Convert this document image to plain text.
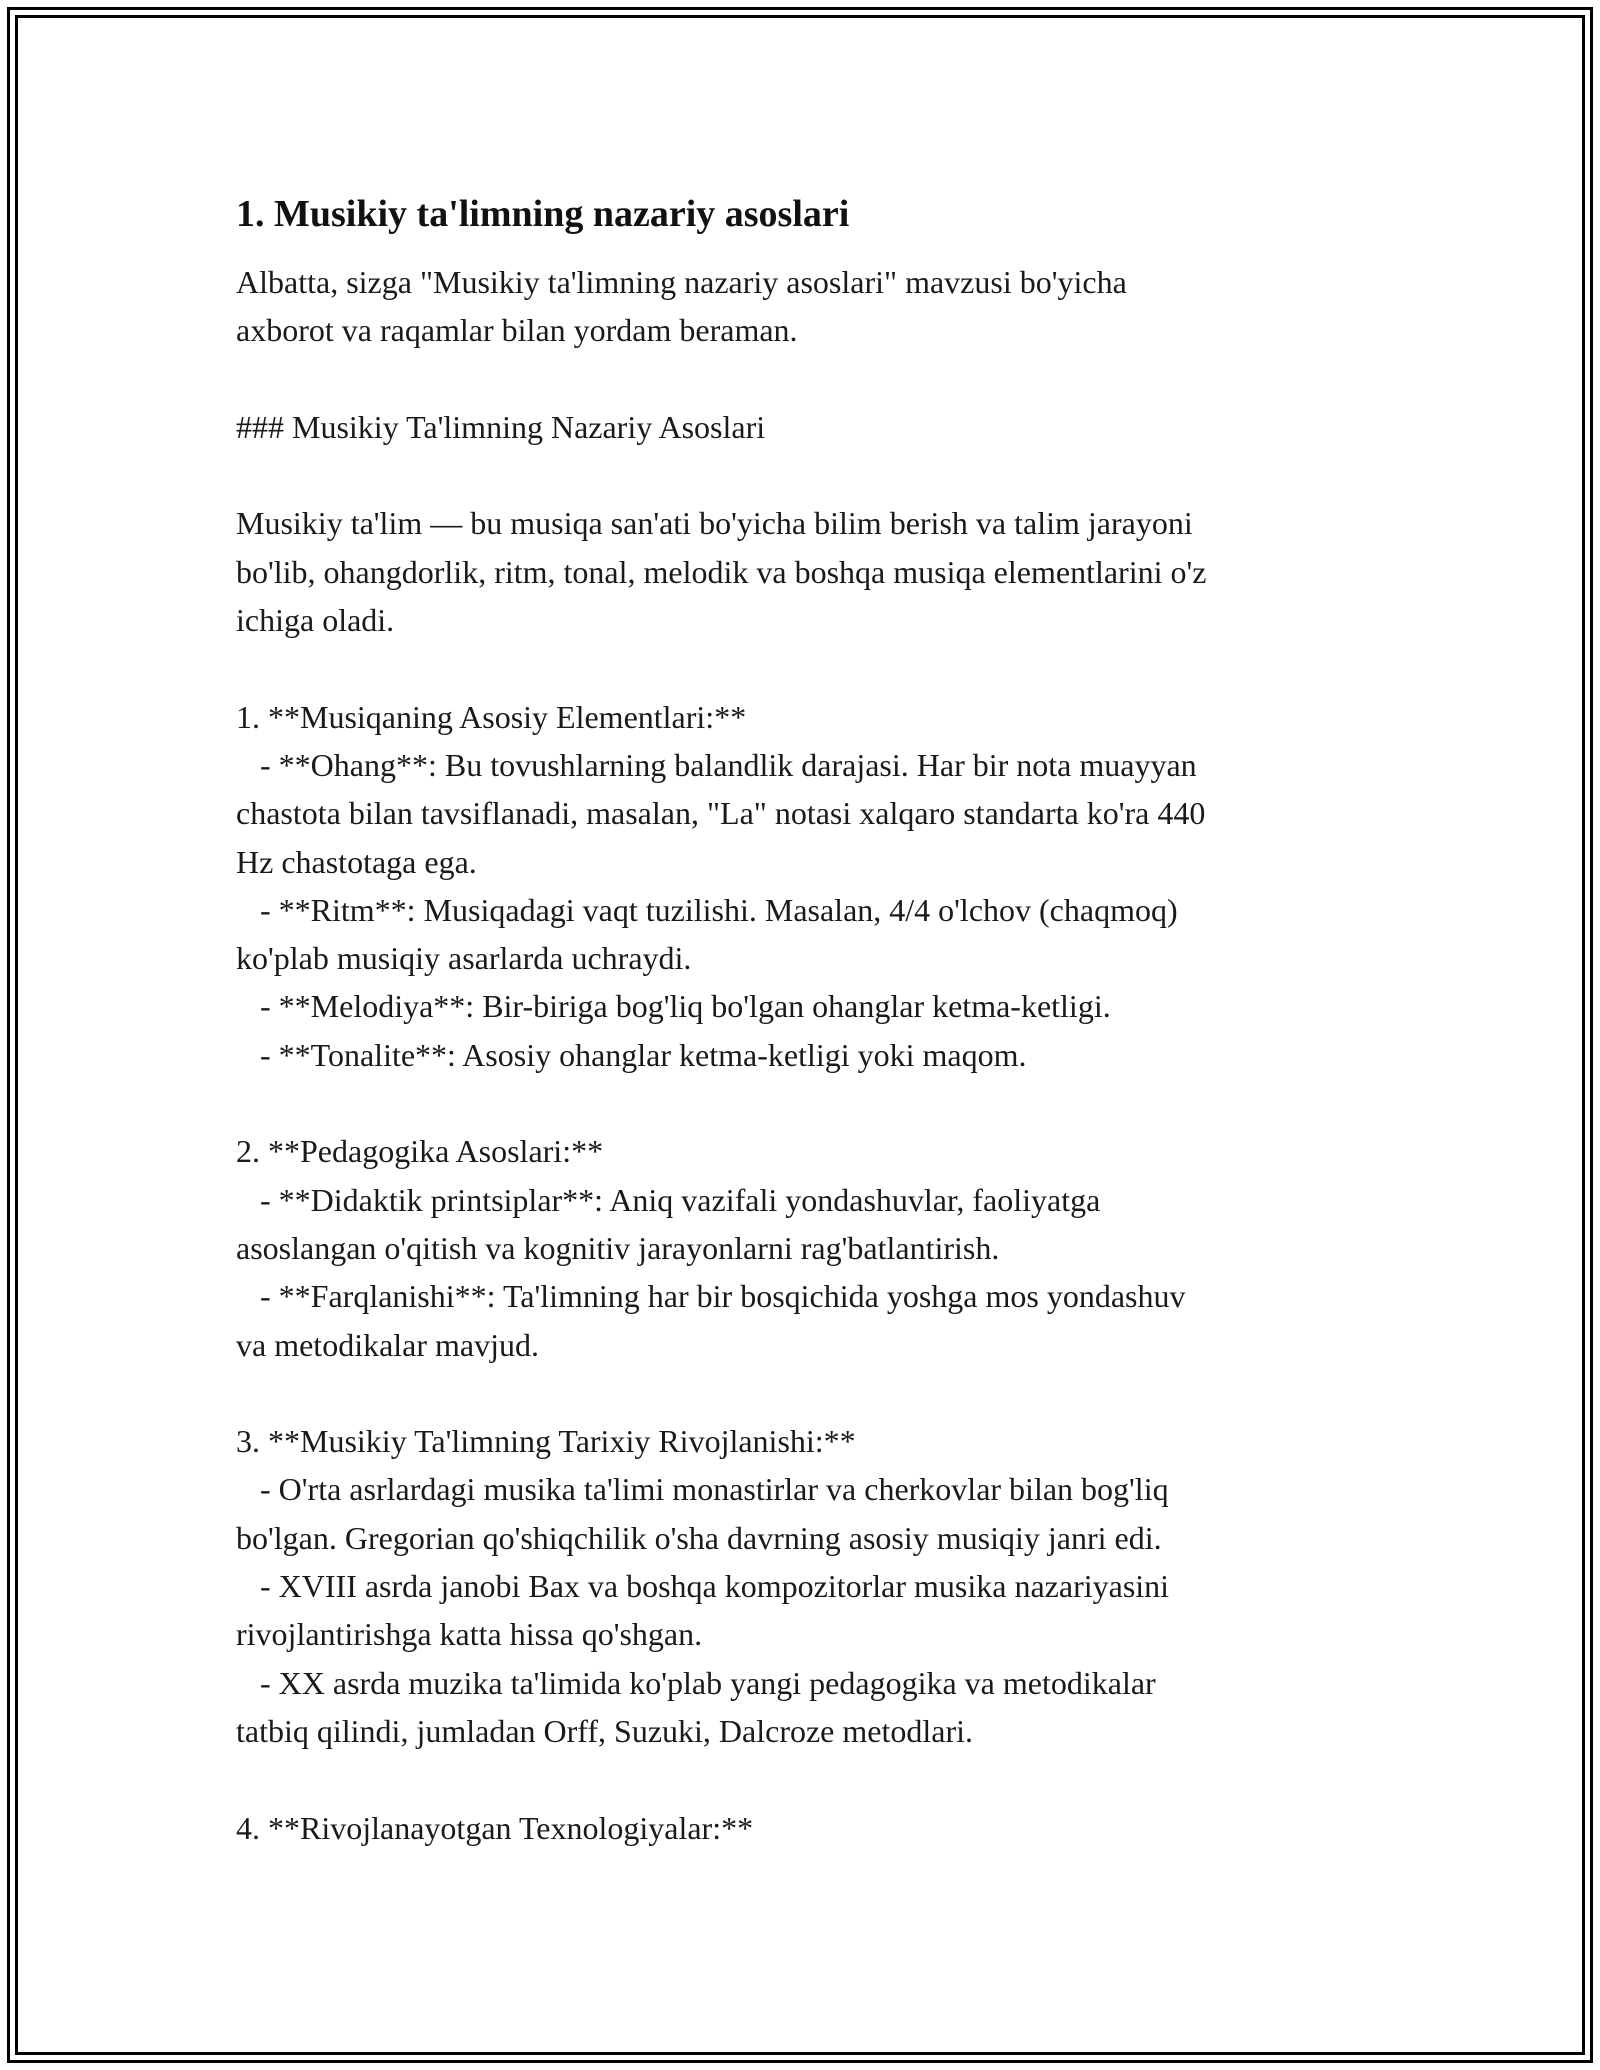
1. Musikiy ta'limning nazariy asoslari
Albatta, sizga "Musikiy ta'limning nazariy asoslari" mavzusi bo'yicha
axborot va raqamlar bilan yordam beraman.
### Musikiy Ta'limning Nazariy Asoslari
Musikiy ta'lim — bu musiqa san'ati bo'yicha bilim berish va talim jarayoni
bo'lib, ohangdorlik, ritm, tonal, melodik va boshqa musiqa elementlarini o'z
ichiga oladi.
1. **Musiqaning Asosiy Elementlari:**
- **Ohang**: Bu tovushlarning balandlik darajasi. Har bir nota muayyan
chastota bilan tavsiflanadi, masalan, "La" notasi xalqaro standarta ko'ra 440
Hz chastotaga ega.
- **Ritm**: Musiqadagi vaqt tuzilishi. Masalan, 4/4 o'lchov (chaqmoq)
ko'plab musiqiy asarlarda uchraydi.
- **Melodiya**: Bir-biriga bog'liq bo'lgan ohanglar ketma-ketligi.
- **Tonalite**: Asosiy ohanglar ketma-ketligi yoki maqom.
2. **Pedagogika Asoslari:**
- **Didaktik printsiplar**: Aniq vazifali yondashuvlar, faoliyatga
asoslangan o'qitish va kognitiv jarayonlarni rag'batlantirish.
- **Farqlanishi**: Ta'limning har bir bosqichida yoshga mos yondashuv
va metodikalar mavjud.
3. **Musikiy Ta'limning Tarixiy Rivojlanishi:**
- O'rta asrlardagi musika ta'limi monastirlar va cherkovlar bilan bog'liq
bo'lgan. Gregorian qo'shiqchilik o'sha davrning asosiy musiqiy janri edi.
- XVIII asrda janobi Bax va boshqa kompozitorlar musika nazariyasini
rivojlantirishga katta hissa qo'shgan.
- XX asrda muzika ta'limida ko'plab yangi pedagogika va metodikalar
tatbiq qilindi, jumladan Orff, Suzuki, Dalcroze metodlari.
4. **Rivojlanayotgan Texnologiyalar:**
